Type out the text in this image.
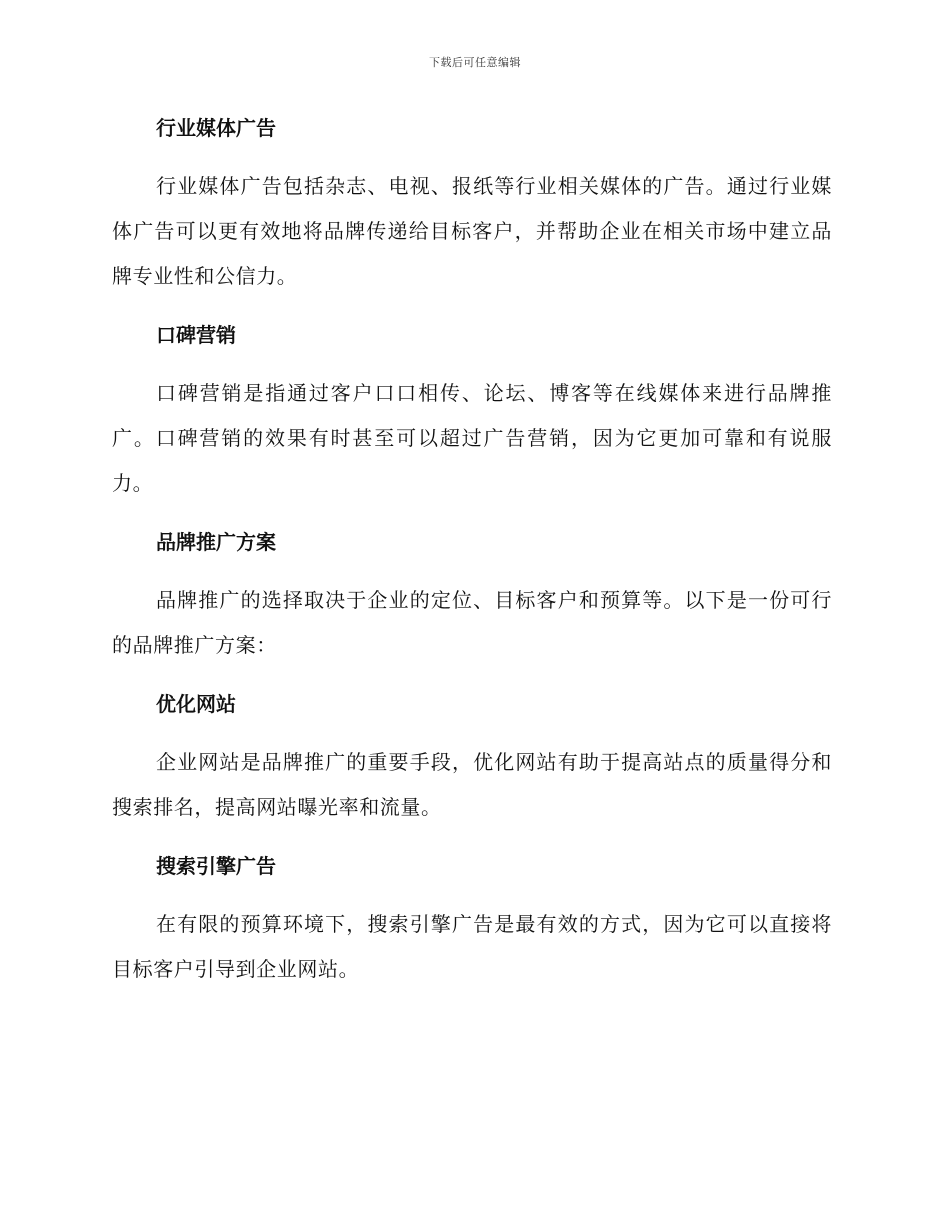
下载后可任意编辑
行业媒体广告

行业媒体广告包括杂志、电视、报纸等行业相关媒体的广告。通过行业媒体广告可以更有效地将品牌传递给目标客户，并帮助企业在相关市场中建立品牌专业性和公信力。

口碑营销

口碑营销是指通过客户口口相传、论坛、博客等在线媒体来进行品牌推广。口碑营销的效果有时甚至可以超过广告营销，因为它更加可靠和有说服力。

品牌推广方案

品牌推广的选择取决于企业的定位、目标客户和预算等。以下是一份可行的品牌推广方案：

优化网站

企业网站是品牌推广的重要手段，优化网站有助于提高站点的质量得分和搜索排名，提高网站曝光率和流量。

搜索引擎广告

在有限的预算环境下，搜索引擎广告是最有效的方式，因为它可以直接将目标客户引导到企业网站。
